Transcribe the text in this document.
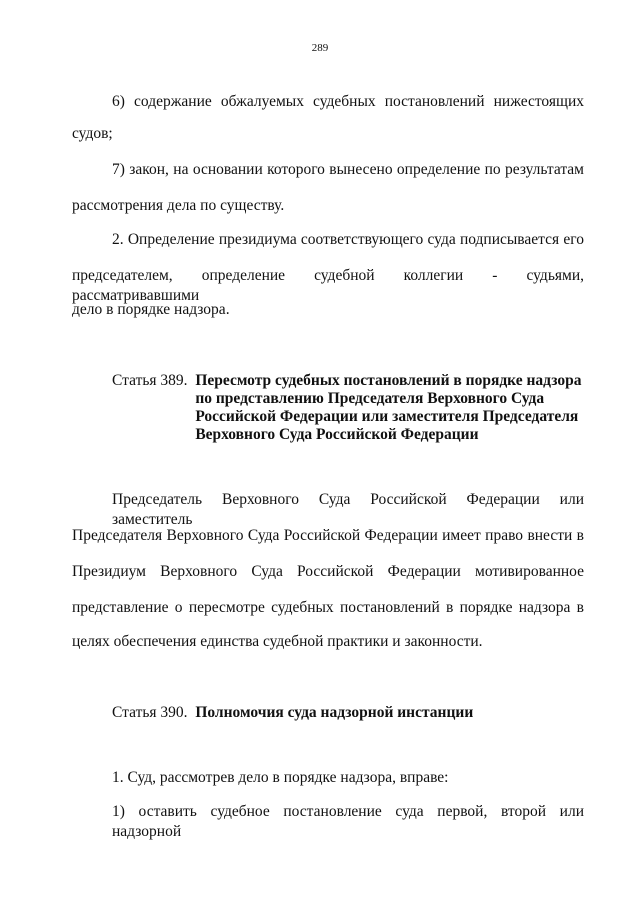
289
6) содержание обжалуемых судебных постановлений нижестоящих
судов;
7) закон, на основании которого вынесено определение по результатам
рассмотрения дела по существу.
2. Определение президиума соответствующего суда подписывается его
председателем, определение судебной коллегии - судьями, рассматривавшими
дело в порядке надзора.
Статья 389.  Пересмотр судебных постановлений в порядке надзора
по представлению Председателя Верховного Суда
Российской Федерации или заместителя Председателя
Верховного Суда Российской Федерации
Председатель Верховного Суда Российской Федерации или заместитель
Председателя Верховного Суда Российской Федерации имеет право внести в
Президиум Верховного Суда Российской Федерации мотивированное
представление о пересмотре судебных постановлений в порядке надзора в
целях обеспечения единства судебной практики и законности.
Статья 390.  Полномочия суда надзорной инстанции
1. Суд, рассмотрев дело в порядке надзора, вправе:
1) оставить судебное постановление суда первой, второй или надзорной
